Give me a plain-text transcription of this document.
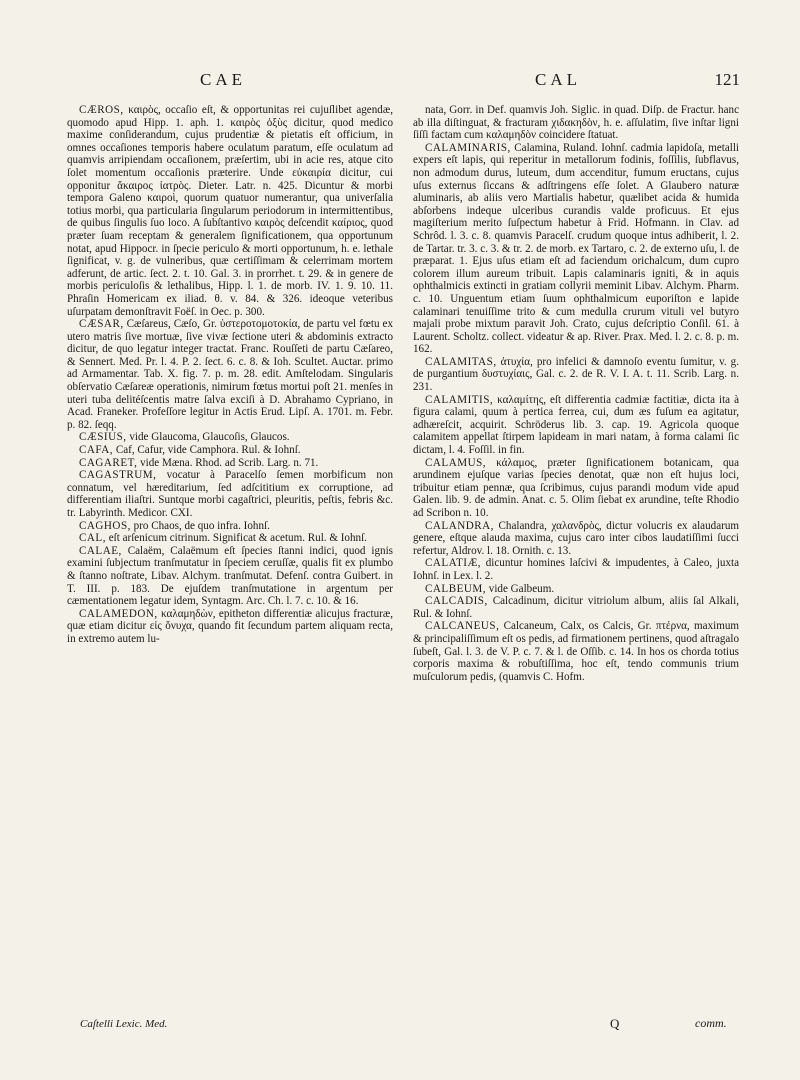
CAE	CAL	121

CÆROS, καιρὸς, occaſio eſt, & opportunitas rei cujuſlibet agendæ, quomodo apud Hipp. 1. aph. 1. καιρὸς ὀξὺς dicitur, quod medico maxime conſiderandum, cujus prudentiæ & pietatis eſt officium, in omnes occaſiones temporis habere oculatum paratum, eſſe oculatum ad quamvis arripiendam occaſionem, præſertim, ubi in acie res, atque cito ſolet momentum occaſionis præterire. Unde εὐκαιρία dicitur, cui opponitur ἄκαιρος ἰατρὸς. Dieter. Latr. n. 425. Dicuntur & morbi tempora Galeno καιροὶ, quorum quatuor numerantur, qua univerſalia totius morbi, qua particularia ſingularum periodorum in intermittentibus, de quibus ſingulis ſuo loco. A ſubſtantivo καιρὸς deſcendit καίριος, quod præter ſuam receptam & generalem ſignificationem, qua opportunum notat, apud Hippocr. in ſpecie periculo & morti opportunum, h. e. lethale ſignificat, v. g. de vulneribus, quæ certiſſimam & celerrimam mortem adferunt, de artic. ſect. 2. t. 10. Gal. 3. in prorrhet. t. 29. & in genere de morbis periculoſis & lethalibus, Hipp. l. 1. de morb. IV. 1. 9. 10. 11. Phraſin Homericam ex iliad. θ. v. 84. & 326. ideoque veteribus uſurpatam demonſtravit Foëſ. in Oec. p. 300.

CÆSAR, Cæſareus, Cæſo, Gr. ὑστεροτομοτοκία, de partu vel fœtu ex utero matris ſive mortuæ, ſive vivæ ſectione uteri & abdominis extracto dicitur, de quo legatur integer tractat. Franc. Rouſſeti de partu Cæſareo, & Sennert. Med. Pr. l. 4. P. 2. ſect. 6. c. 8. & Ioh. Scultet. Auctar. primo ad Armamentar. Tab. X. fig. 7. p. m. 28. edit. Amſtelodam. Singularis obſervatio Cæſareæ operationis, nimirum fœtus mortui poſt 21. menſes in uteri tuba delitéſcentis matre ſalva exciſi à D. Abrahamo Cypriano, in Acad. Franeker. Profeſſore legitur in Actis Erud. Lipſ. A. 1701. m. Febr. p. 82. ſeqq.

CÆSIUS, vide Glaucoma, Glaucoſis, Glaucos.

CAFA, Caf, Cafur, vide Camphora. Rul. & Iohnſ.

CAGARET, vide Mæna. Rhod. ad Scrib. Larg. n. 71.

CAGASTRUM, vocatur à Paracelſo ſemen morbificum non connatum, vel hæreditarium, ſed adſcititium ex corruptione, ad differentiam iliaſtri. Suntque morbi cagaſtrici, pleuritis, peſtis, febris &c. tr. Labyrinth. Medicor. CXI.

CAGHOS, pro Chaos, de quo infra. Iohnſ.

CAL, eſt arſenicum citrinum. Significat & acetum. Rul. & Iohnſ.

CALAE, Calaëm, Calaëmum eſt ſpecies ſtanni indici, quod ignis examini ſubjectum tranſmutatur in ſpeciem ceruſſæ, qualis fit ex plumbo & ſtanno noſtrate, Libav. Alchym. tranſmutat. Defenſ. contra Guibert. in T. III. p. 183. De ejuſdem tranſmutatione in argentum per cæmentationem legatur idem, Syntagm. Arc. Ch. l. 7. c. 10. & 16.

CALAMEDON, καλαμηδὼν, epitheton differentiæ alicujus fracturæ, quæ etiam dicitur εἰς ὄνυχα, quando fit ſecundum partem aliquam recta, in extremo autem lu-

nata, Gorr. in Def. quamvis Joh. Siglic. in quad. Diſp. de Fractur. hanc ab illa diſtinguat, & fracturam χιδακηδὸν, h. e. aſſulatim, ſive inſtar ligni ſiſſi factam cum καλαμηδὸν coincidere ſtatuat.

CALAMINARIS, Calamina, Ruland. Iohnſ. cadmia lapidoſa, metalli expers eſt lapis, qui reperitur in metallorum fodinis, foſſilis, ſubflavus, non admodum durus, luteum, dum accenditur, fumum eructans, cujus uſus externus ſiccans & adſtringens eſſe ſolet. A Glaubero naturæ aluminaris, ab aliis vero Martialis habetur, quælibet acida & humida abſorbens indeque ulceribus curandis valde proficuus. Et ejus magiſterium merito ſuſpectum habetur à Frid. Hofmann. in Clav. ad Schrôd. l. 3. c. 8. quamvis Paracelſ. crudum quoque intus adhiberit, l. 2. de Tartar. tr. 3. c. 3. & tr. 2. de morb. ex Tartaro, c. 2. de externo uſu, l. de præparat. 1. Ejus uſus etiam eſt ad faciendum orichalcum, dum cupro colorem illum aureum tribuit. Lapis calaminaris igniti, & in aquis ophthalmicis extincti in gratiam collyrii meminit Libav. Alchym. Pharm. c. 10. Unguentum etiam ſuum ophthalmicum euporiſton e lapide calaminari tenuiſſime trito & cum medulla crurum vituli vel butyro majali probe mixtum paravit Joh. Crato, cujus deſcriptio Conſil. 61. à Laurent. Scholtz. collect. videatur & ap. River. Prax. Med. l. 2. c. 8. p. m. 162.

CALAMITAS, ἀτυχία, pro infelici & damnoſo eventu ſumitur, v. g. de purgantium δυστυχίαις, Gal. c. 2. de R. V. I. A. t. 11. Scrib. Larg. n. 231.

CALAMITIS, καλαμίτης, eſt differentia cadmiæ factitiæ, dicta ita à figura calami, quum à pertica ferrea, cui, dum æs fuſum ea agitatur, adhæreſcit, acquirit. Schröderus lib. 3. cap. 19. Agricola quoque calamitem appellat ſtirpem lapideam in mari natam, à forma calami ſic dictam, l. 4. Foſſil. in fin.

CALAMUS, κάλαμος, præter ſignificationem botanicam, qua arundinem ejuſque varias ſpecies denotat, quæ non eſt hujus loci, tribuitur etiam pennæ, qua ſcribimus, cujus parandi modum vide apud Galen. lib. 9. de admin. Anat. c. 5. Olim ſiebat ex arundine, teſte Rhodio ad Scribon n. 10.

CALANDRA, Chalandra, χαλανδρὸς, dictur volucris ex alaudarum genere, eſtque alauda maxima, cujus caro inter cibos laudatiſſimi ſucci refertur, Aldrov. l. 18. Ornith. c. 13.

CALATIÆ, dicuntur homines laſcivi & impudentes, à Caleo, juxta Iohnſ. in Lex. l. 2.

CALBEUM, vide Galbeum.

CALCADIS, Calcadinum, dicitur vitriolum album, aliis ſal Alkali, Rul. & Iohnſ.

CALCANEUS, Calcaneum, Calx, os Calcis, Gr. πτέρνα, maximum & principaliſſimum eſt os pedis, ad firmationem pertinens, quod aſtragalo ſubeſt, Gal. l. 3. de V. P. c. 7. & l. de Oſſib. c. 14. In hos os chorda totius corporis maxima & robuſtiſſima, hoc eſt, tendo communis trium muſculorum pedis, (quamvis C. Hofm.

Caſtelli Lexic. Med.	Q	comm.
